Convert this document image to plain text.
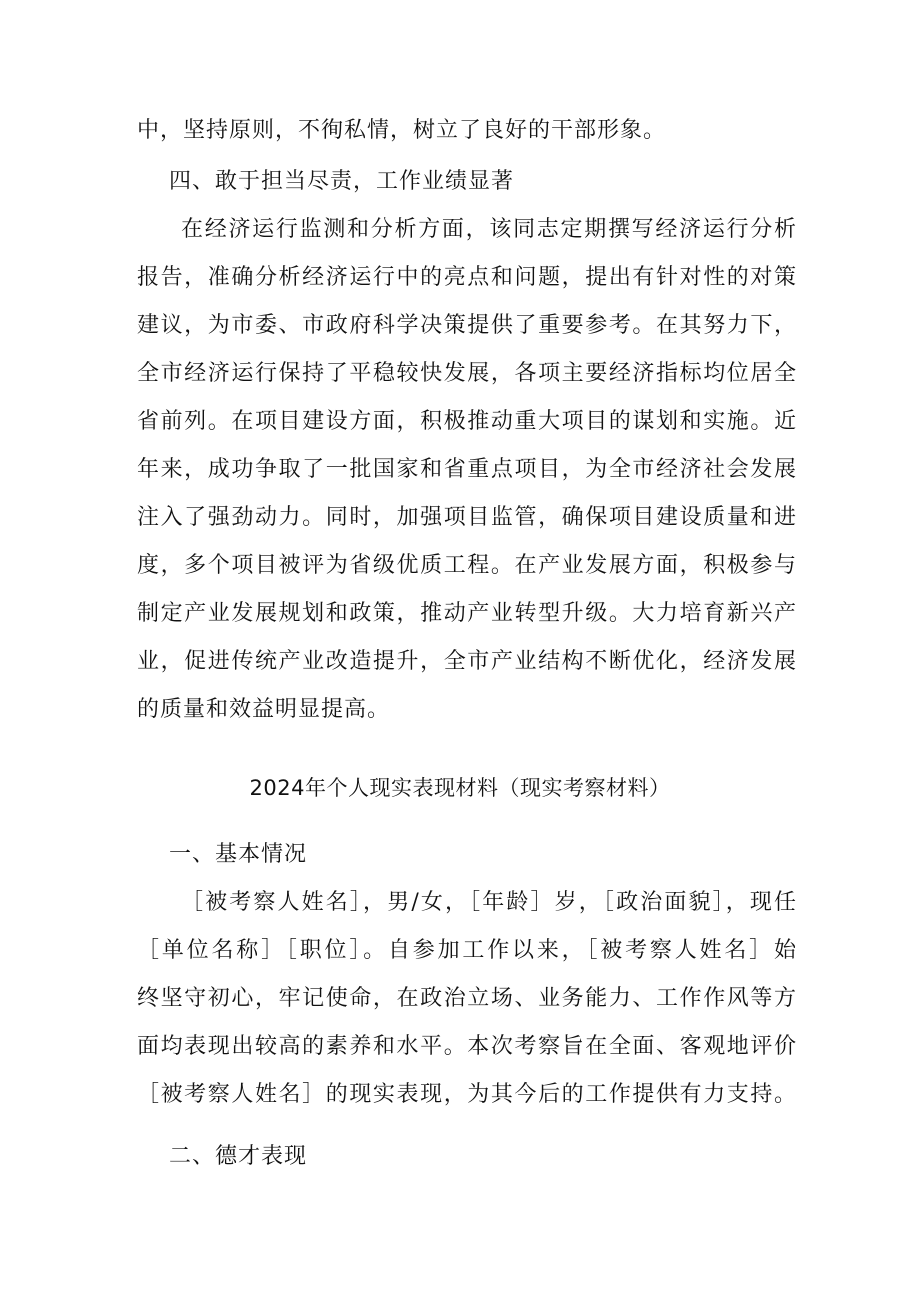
中，坚持原则，不徇私情，树立了良好的干部形象。
四、敢于担当尽责，工作业绩显著
在经济运行监测和分析方面，该同志定期撰写经济运行分析
报告，准确分析经济运行中的亮点和问题，提出有针对性的对策
建议，为市委、市政府科学决策提供了重要参考。在其努力下，
全市经济运行保持了平稳较快发展，各项主要经济指标均位居全
省前列。在项目建设方面，积极推动重大项目的谋划和实施。近
年来，成功争取了一批国家和省重点项目，为全市经济社会发展
注入了强劲动力。同时，加强项目监管，确保项目建设质量和进
度，多个项目被评为省级优质工程。在产业发展方面，积极参与
制定产业发展规划和政策，推动产业转型升级。大力培育新兴产
业，促进传统产业改造提升，全市产业结构不断优化，经济发展
的质量和效益明显提高。
2024年个人现实表现材料（现实考察材料）
一、基本情况
［被考察人姓名］，男/女，［年龄］岁，［政治面貌］，现任
［单位名称］［职位］。自参加工作以来，［被考察人姓名］始
终坚守初心，牢记使命，在政治立场、业务能力、工作作风等方
面均表现出较高的素养和水平。本次考察旨在全面、客观地评价
［被考察人姓名］的现实表现，为其今后的工作提供有力支持。
二、德才表现
